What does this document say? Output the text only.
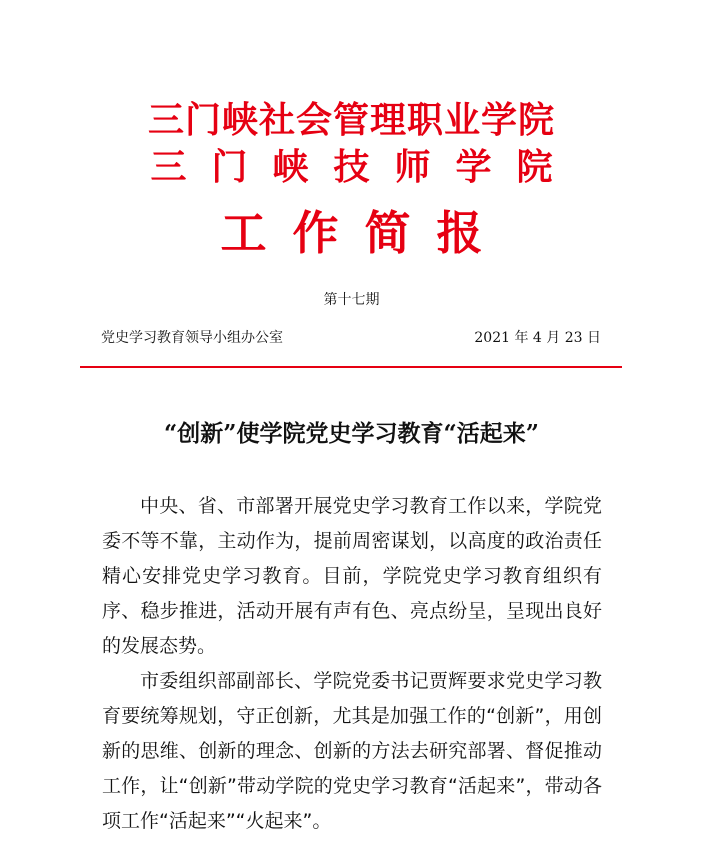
三门峡社会管理职业学院
三门峡技师学院
工作简报
第十七期
党史学习教育领导小组办公室	2021 年 4 月 23 日
“创新”使学院党史学习教育“活起来”

中央、省、市部署开展党史学习教育工作以来，学院党委不等不靠，主动作为，提前周密谋划，以高度的政治责任精心安排党史学习教育。目前，学院党史学习教育组织有序、稳步推进，活动开展有声有色、亮点纷呈，呈现出良好的发展态势。

市委组织部副部长、学院党委书记贾辉要求党史学习教育要统筹规划，守正创新，尤其是加强工作的“创新”，用创新的思维、创新的理念、创新的方法去研究部署、督促推动工作，让“创新”带动学院的党史学习教育“活起来”，带动各项工作“活起来”“火起来”。
